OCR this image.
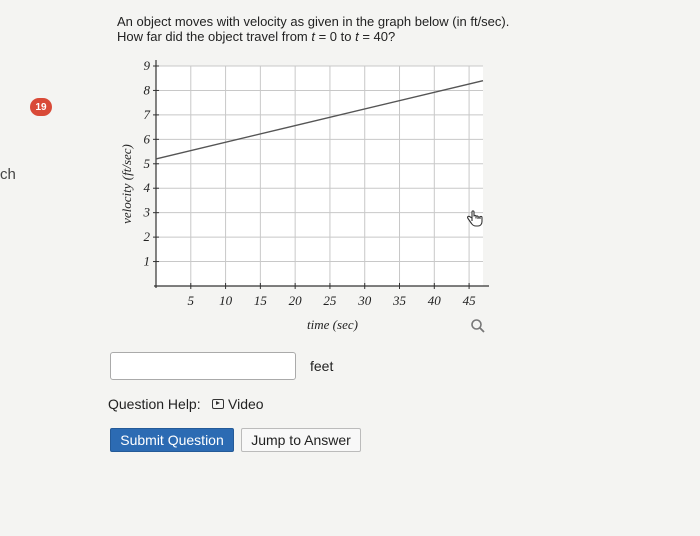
ch
19
An object moves with velocity as given in the graph below (in ft/sec).
How far did the object travel from t = 0 to t = 40?
5 10 15 20 25 30 35 40 45
1
2
3
4
5
6
7
8
9
time (sec)
velocity (ft/sec)
feet
Question Help: Video
Submit Question	Jump to Answer
